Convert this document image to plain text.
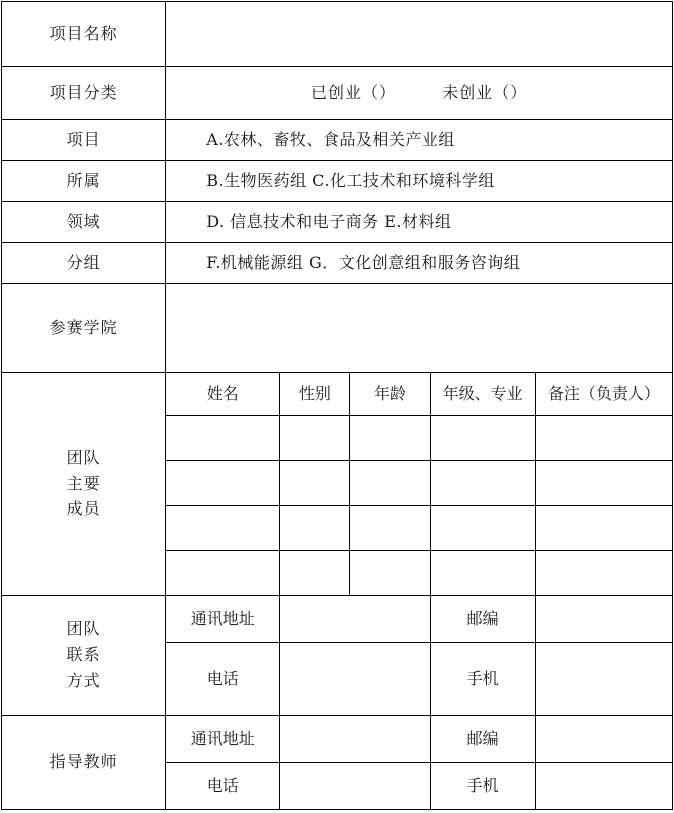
项目名称					
项目分类	已创业（） 未创业（）				
项目	A.农林、畜牧、食品及相关产业组				

所属	B.生物医药组 C.化工技术和环境科学组				

领域	D. 信息技术和电子商务 E.材料组				

分组	F.机械能源组 G．文化创意组和服务咨询组				

参赛学院					

团队
主要
成员	姓名	性别	年龄	年级、专业	备注（负责人）

团队
联系
方式	通讯地址			邮编	
	电话			手机	
指导教师	通讯地址			邮编	
	电话			手机	
